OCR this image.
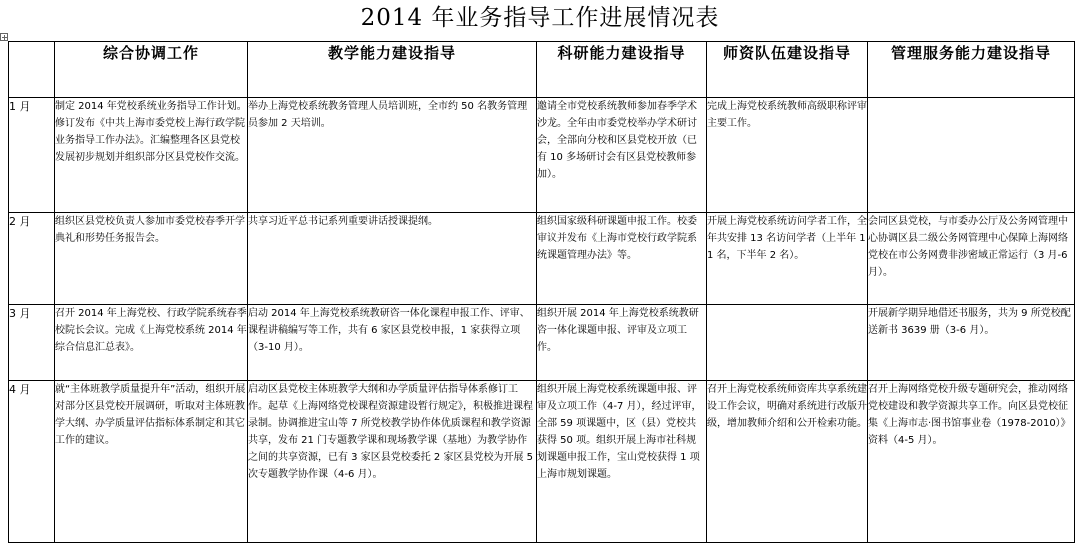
2014 年业务指导工作进展情况表
	综合协调工作	教学能力建设指导	科研能力建设指导	师资队伍建设指导	管理服务能力建设指导
1 月	制定 2014 年党校系统业务指导工作计划。修订发布《中共上海市委党校上海行政学院业务指导工作办法》。汇编整理各区县党校发展初步规划并组织部分区县党校作交流。	举办上海党校系统教务管理人员培训班，全市约 50 名教务管理员参加 2 天培训。	邀请全市党校系统教师参加春季学术沙龙。全年由市委党校举办学术研讨会，全部向分校和区县党校开放（已有 10 多场研讨会有区县党校教师参加）。	完成上海党校系统教师高级职称评审主要工作。	
2 月	组织区县党校负责人参加市委党校春季开学典礼和形势任务报告会。	共享习近平总书记系列重要讲话授课提纲。	组织国家级科研课题申报工作。校委审议并发布《上海市党校行政学院系统课题管理办法》等。	开展上海党校系统访问学者工作，全年共安排 13 名访问学者（上半年 11 名，下半年 2 名）。	会同区县党校，与市委办公厅及公务网管理中心协调区县二级公务网管理中心保障上海网络党校在市公务网费非涉密域正常运行（3 月-6 月）。
3 月	召开 2014 年上海党校、行政学院系统春季校院长会议。完成《上海党校系统 2014 年综合信息汇总表》。	启动 2014 年上海党校系统教研咨一体化课程申报工作、评审、课程讲稿编写等工作，共有 6 家区县党校申报，1 家获得立项（3-10 月）。	组织开展 2014 年上海党校系统教研咨一体化课题申报、评审及立项工作。		开展新学期异地借还书服务，共为 9 所党校配送新书 3639 册（3-6 月）。
4 月	就“主体班教学质量提升年”活动，组织开展对部分区县党校开展调研，听取对主体班教学大纲、办学质量评估指标体系制定和其它工作的建议。	启动区县党校主体班教学大纲和办学质量评估指导体系修订工作。起草《上海网络党校课程资源建设暂行规定》，积极推进课程录制。协调推进宝山等 7 所党校教学协作体优质课程和教学资源共享，发布 21 门专题教学课和现场教学课（基地）为教学协作之间的共享资源，已有 3 家区县党校委托 2 家区县党校为开展 5 次专题教学协作课（4-6 月）。	组织开展上海党校系统课题申报、评审及立项工作（4-7 月），经过评审，全部 59 项课题中，区（县）党校共获得 50 项。组织开展上海市社科规划课题申报工作，宝山党校获得 1 项上海市规划课题。	召开上海党校系统师资库共享系统建设工作会议，明确对系统进行改版升级，增加教师介绍和公开检索功能。	召开上海网络党校升级专题研究会，推动网络党校建设和教学资源共享工作。向区县党校征集《上海市志·图书馆事业卷（1978-2010）》资料（4-5 月）。
